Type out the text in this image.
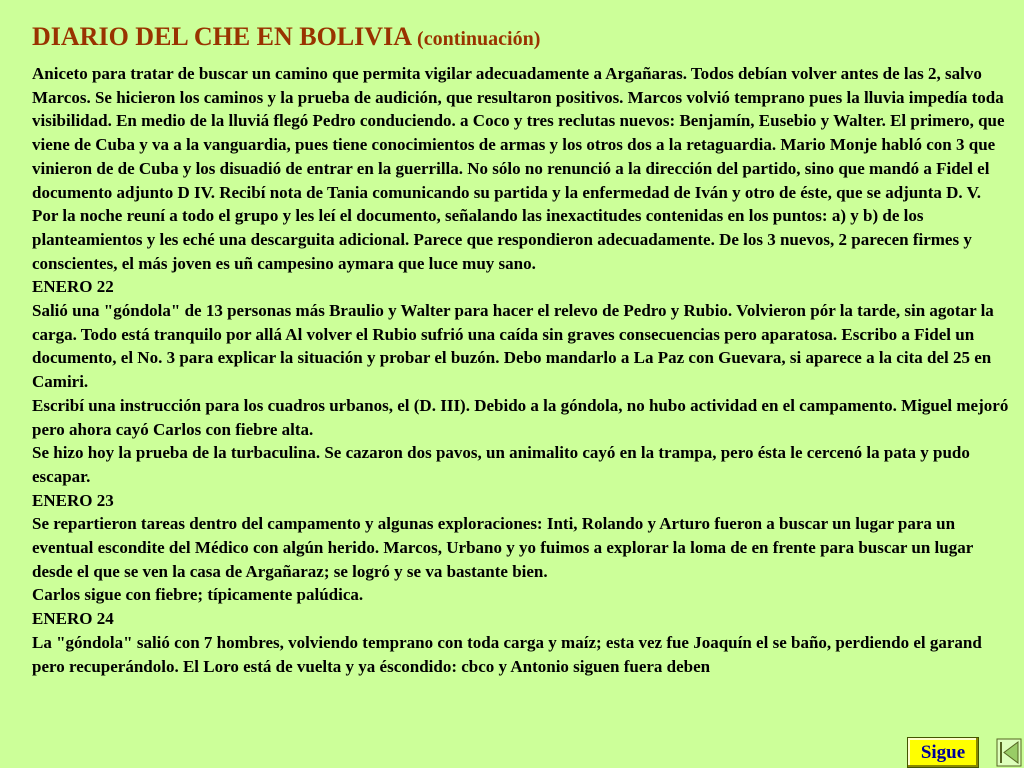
DIARIO DEL CHE EN BOLIVIA (continuación)

Aniceto para tratar de buscar un camino que permita vigilar adecuadamente a Argañaras. Todos debían volver antes de las 2, salvo Marcos. Se hicieron los caminos y la prueba de audición, que resultaron positivos. Marcos volvió temprano pues la lluvia impedía toda visibilidad. En medio de la lluviá flegó Pedro conduciendo. a Coco y tres reclutas nuevos: Benjamín, Eusebio y Walter. El primero, que viene de Cuba y va a la vanguardia, pues tiene conocimientos de armas y los otros dos a la retaguardia. Mario Monje habló con 3 que vinieron de de Cuba y los disuadió de entrar en la guerrilla. No sólo no renunció a la dirección del partido, sino que mandó a Fidel el documento adjunto D IV. Recibí nota de Tania comunicando su partida y la enfermedad de Iván y otro de éste, que se adjunta D. V. Por la noche reuní a todo el grupo y les leí el documento, señalando las inexactitudes contenidas en los puntos: a) y b) de los planteamientos y les eché una descarguita adicional. Parece que respondieron adecuadamente. De los 3 nuevos, 2 parecen firmes y conscientes, el más joven es uñ campesino aymara que luce muy sano.

ENERO 22

Salió una "góndola" de 13 personas más Braulio y Walter para hacer el relevo de Pedro y Rubio. Volvieron pór la tarde, sin agotar la carga. Todo está tranquilo por allá Al volver el Rubio sufrió una caída sin graves consecuencias pero aparatosa. Escribo a Fidel un documento, el No. 3 para explicar la situación y probar el buzón. Debo mandarlo a La Paz con Guevara, si aparece a la cita del 25 en Camiri.

Escribí una instrucción para los cuadros urbanos, el (D. III). Debido a la góndola, no hubo actividad en el campamento. Miguel mejoró pero ahora cayó Carlos con fiebre alta.

Se hizo hoy la prueba de la turbaculina. Se cazaron dos pavos, un animalito cayó en la trampa, pero ésta le cercenó la pata y pudo escapar.

ENERO 23

Se repartieron tareas dentro del campamento y algunas exploraciones: Inti, Rolando y Arturo fueron a buscar un lugar para un eventual escondite del Médico con algún herido. Marcos, Urbano y yo fuimos a explorar la loma de en frente para buscar un lugar desde el que se ven la casa de Argañaraz; se logró y se va bastante bien.

Carlos sigue con fiebre; típicamente palúdica.

ENERO 24

La "góndola" salió con 7 hombres, volviendo temprano con toda carga y maíz; esta vez fue Joaquín el se baño, perdiendo el garand pero recuperándolo. El Loro está de vuelta y ya éscondido: cbco y Antonio siguen fuera deben

Sigue
